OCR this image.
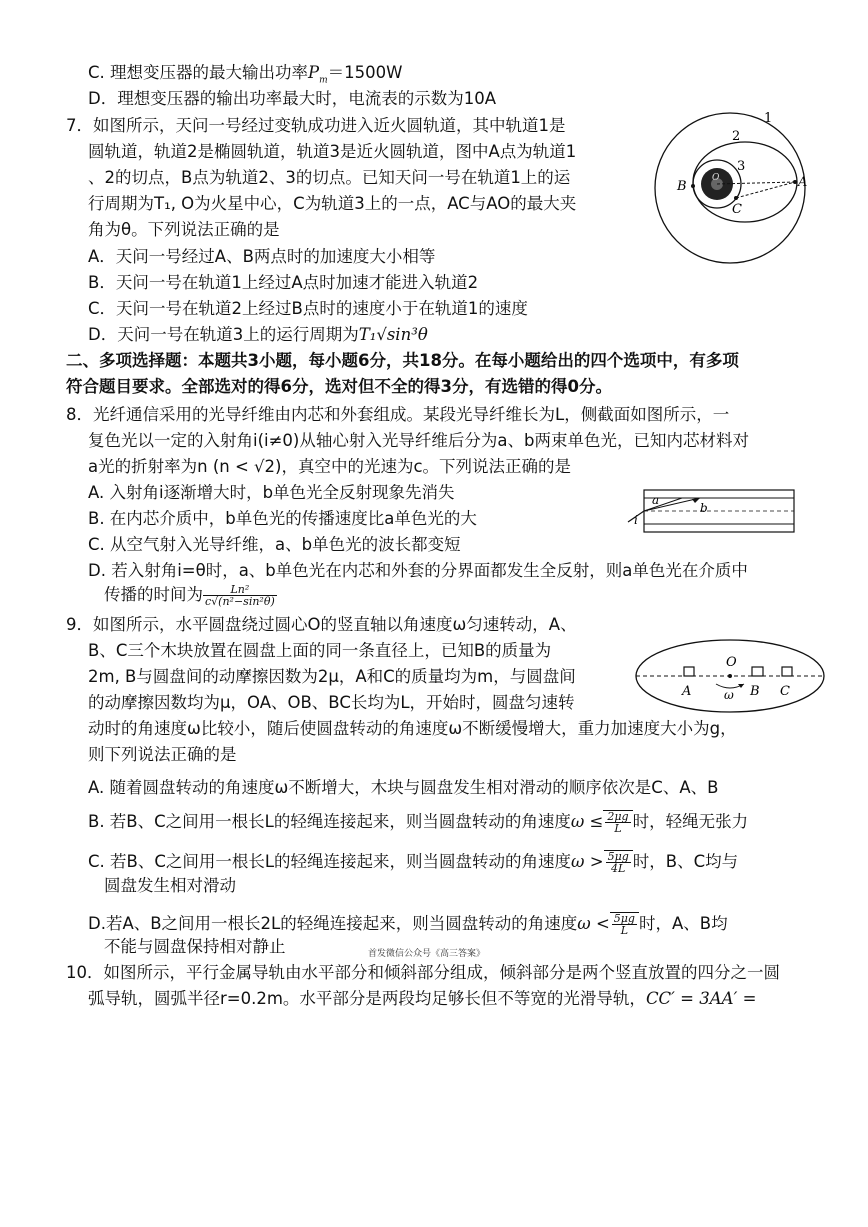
C. 理想变压器的最大输出功率$P_m=1500W$
D．理想变压器的输出功率最大时，电流表的示数为10A
7．如图所示，天问一号经过变轨成功进入近火圆轨道，其中轨道1是
圆轨道，轨道2是椭圆轨道，轨道3是近火圆轨道，图中A点为轨道1
、2的切点，B点为轨道2、3的切点。已知天问一号在轨道1上的运
行周期为T₁, O为火星中心，C为轨道3上的一点，AC与AO的最大夹
角为θ。下列说法正确的是
A．天问一号经过A、B两点时的加速度大小相等
B．天问一号在轨道1上经过A点时加速才能进入轨道2
C．天问一号在轨道2上经过B点时的速度小于在轨道1的速度
D．天问一号在轨道3上的运行周期为T₁√sin³θ
1
2
3
A
B
C
O
二、多项选择题：本题共3小题，每小题6分，共18分。在每小题给出的四个选项中，有多项
符合题目要求。全部选对的得6分，选对但不全的得3分，有选错的得0分。
8．光纤通信采用的光导纤维由内芯和外套组成。某段光导纤维长为L，侧截面如图所示，一
复色光以一定的入射角i(i≠0)从轴心射入光导纤维后分为a、b两束单色光，已知内芯材料对
a光的折射率为n (n < √2)，真空中的光速为c。下列说法正确的是
A. 入射角i逐渐增大时，b单色光全反射现象先消失
B. 在内芯介质中，b单色光的传播速度比a单色光的大
C. 从空气射入光导纤维，a、b单色光的波长都变短
D. 若入射角i=θ时，a、b单色光在内芯和外套的分界面都发生全反射，则a单色光在介质中
传播的时间为 $\frac{\text{Ln²}}{\text{c√(n²−sin²θ)}}$
a
b
i
9．如图所示，水平圆盘绕过圆心O的竖直轴以角速度ω匀速转动，A、
B、C三个木块放置在圆盘上面的同一条直径上，已知B的质量为
2m, B与圆盘间的动摩擦因数为2μ，A和C的质量均为m，与圆盘间
的动摩擦因数均为μ，OA、OB、BC长均为L，开始时，圆盘匀速转
动时的角速度ω比较小，随后使圆盘转动的角速度ω不断缓慢增大，重力加速度大小为g，
则下列说法正确的是
A. 随着圆盘转动的角速度ω不断增大，木块与圆盘发生相对滑动的顺序依次是C、A、B
B. 若B、C之间用一根长L的轻绳连接起来，则当圆盘转动的角速度$\omega \le \frac{2\mu g}{L}$ 时，轻绳无张力
C. 若B、C之间用一根长L的轻绳连接起来，则当圆盘转动的角速度$\omega > \frac{5\mu g}{4L}$ 时，B、C均与
圆盘发生相对滑动
D.若A、B之间用一根长2L的轻绳连接起来，则当圆盘转动的角速度$\omega < \frac{5\mu g}{L}$ 时，A、B均
不能与圆盘保持相对静止
O
A	ω B C
首发微信公众号《高三答案》
10．如图所示，平行金属导轨由水平部分和倾斜部分组成，倾斜部分是两个竖直放置的四分之一圆
弧导轨，圆弧半径r=0.2m。水平部分是两段均足够长但不等宽的光滑导轨，CC′ = 3AA′ =
